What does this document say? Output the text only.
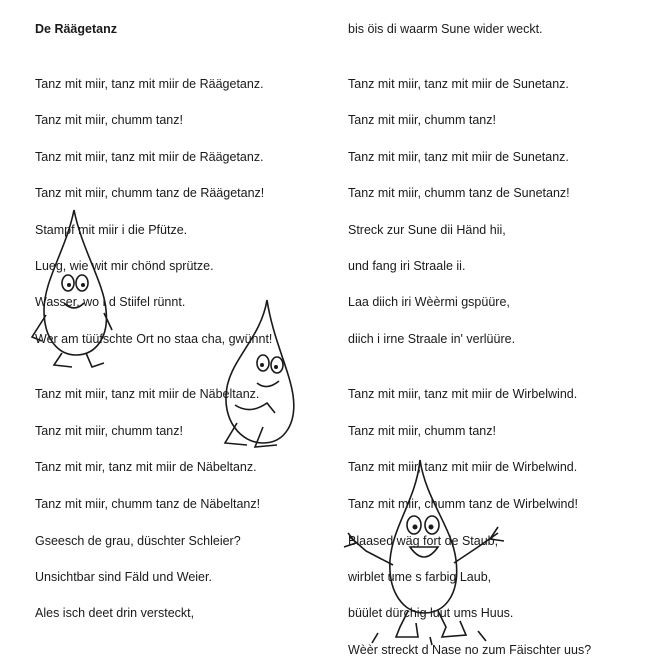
De Räägetanz
Tanz mit miir, tanz mit miir de Räägetanz.
Tanz mit miir, chumm tanz!
Tanz mit miir, tanz mit miir de Räägetanz.
Tanz mit miir, chumm tanz de Räägetanz!
Stampf mit miir i die Pfütze.
Lueg, wie wit mir chönd sprütze.
Wasser, wo i d Stiifel rünnt.
Wer am tüüfschte Ort no staa cha, gwünnt!
Tanz mit miir, tanz mit miir de Näbeltanz.
Tanz mit miir, chumm tanz!
Tanz mit mir, tanz mit miir de Näbeltanz.
Tanz mit miir, chumm tanz de Näbeltanz!
Gseesch de grau, düschter Schleier?
Unsichtbar sind Fäld und Weier.
Ales isch deet drin versteckt,
bis öis di waarm Sune wider weckt.
Tanz mit miir, tanz mit miir de Sunetanz.
Tanz mit miir, chumm tanz!
Tanz mit miir, tanz mit miir de Sunetanz.
Tanz mit miir, chumm tanz de Sunetanz!
Streck zur Sune dii Händ hii,
und fang iri Straale ii.
Laa diich iri Wèèrmi gspüüre,
diich i irne Straale in' verlüüre.
Tanz mit miir, tanz mit miir de Wirbelwind.
Tanz mit miir, chumm tanz!
Tanz mit miir, tanz mit miir de Wirbelwind.
Tanz mit miir, chumm tanz de Wirbelwind!
Blaased wäg fort de Staub,
wirblet ume s farbig Laub,
büület dürchig luut ums Huus.
Wèèr streckt d Nase no zum Fäischter uus?
